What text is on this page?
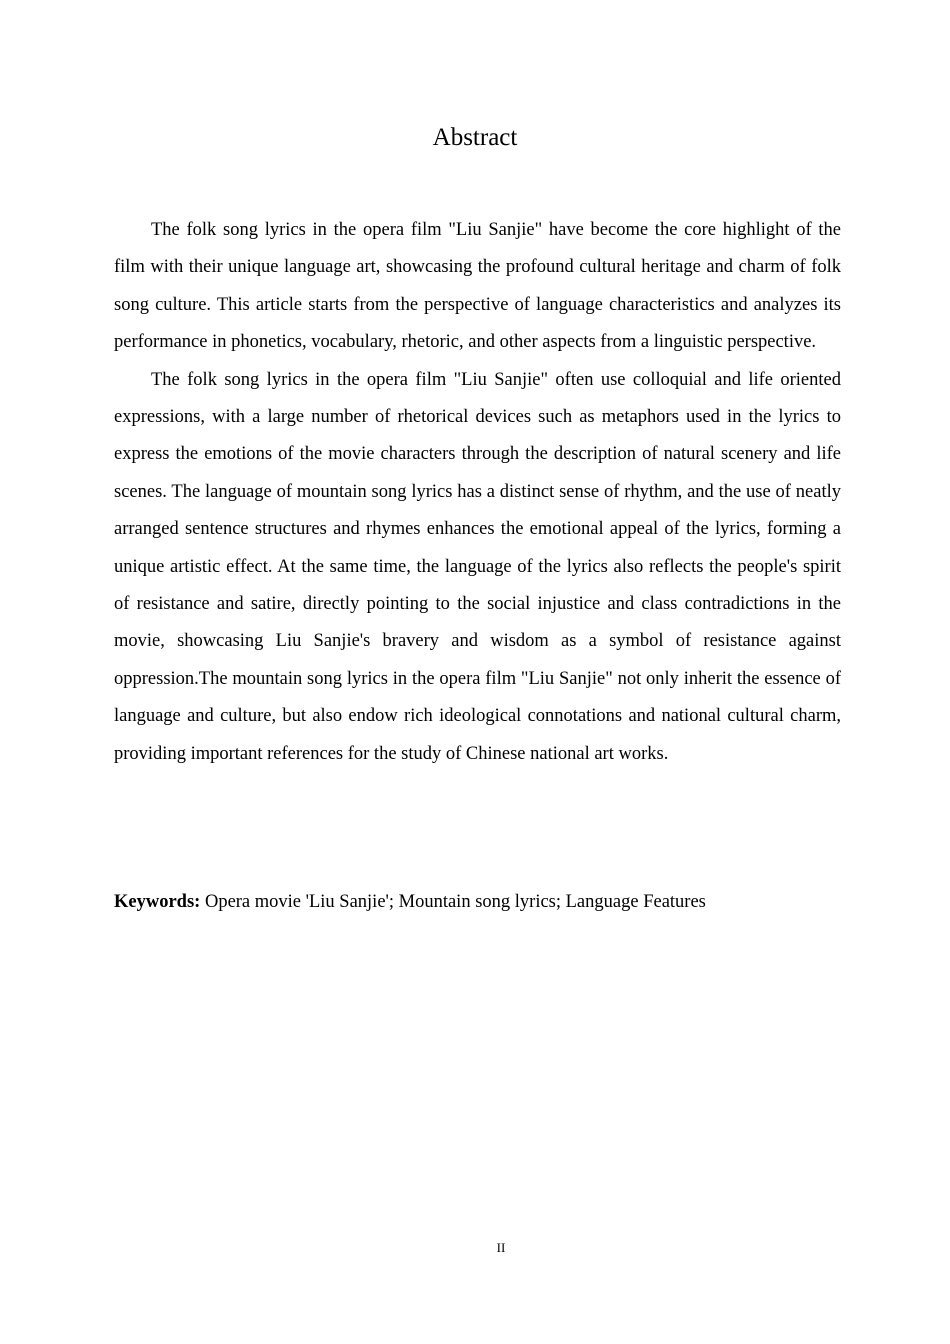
Abstract

The folk song lyrics in the opera film "Liu Sanjie" have become the core highlight of the film with their unique language art, showcasing the profound cultural heritage and charm of folk song culture. This article starts from the perspective of language characteristics and analyzes its performance in phonetics, vocabulary, rhetoric, and other aspects from a linguistic perspective.

The folk song lyrics in the opera film "Liu Sanjie" often use colloquial and life oriented expressions, with a large number of rhetorical devices such as metaphors used in the lyrics to express the emotions of the movie characters through the description of natural scenery and life scenes. The language of mountain song lyrics has a distinct sense of rhythm, and the use of neatly arranged sentence structures and rhymes enhances the emotional appeal of the lyrics, forming a unique artistic effect. At the same time, the language of the lyrics also reflects the people's spirit of resistance and satire, directly pointing to the social injustice and class contradictions in the movie, showcasing Liu Sanjie's bravery and wisdom as a symbol of resistance against oppression.The mountain song lyrics in the opera film "Liu Sanjie" not only inherit the essence of language and culture, but also endow rich ideological connotations and national cultural charm, providing important references for the study of Chinese national art works.

Keywords: Opera movie 'Liu Sanjie'; Mountain song lyrics; Language Features
II
